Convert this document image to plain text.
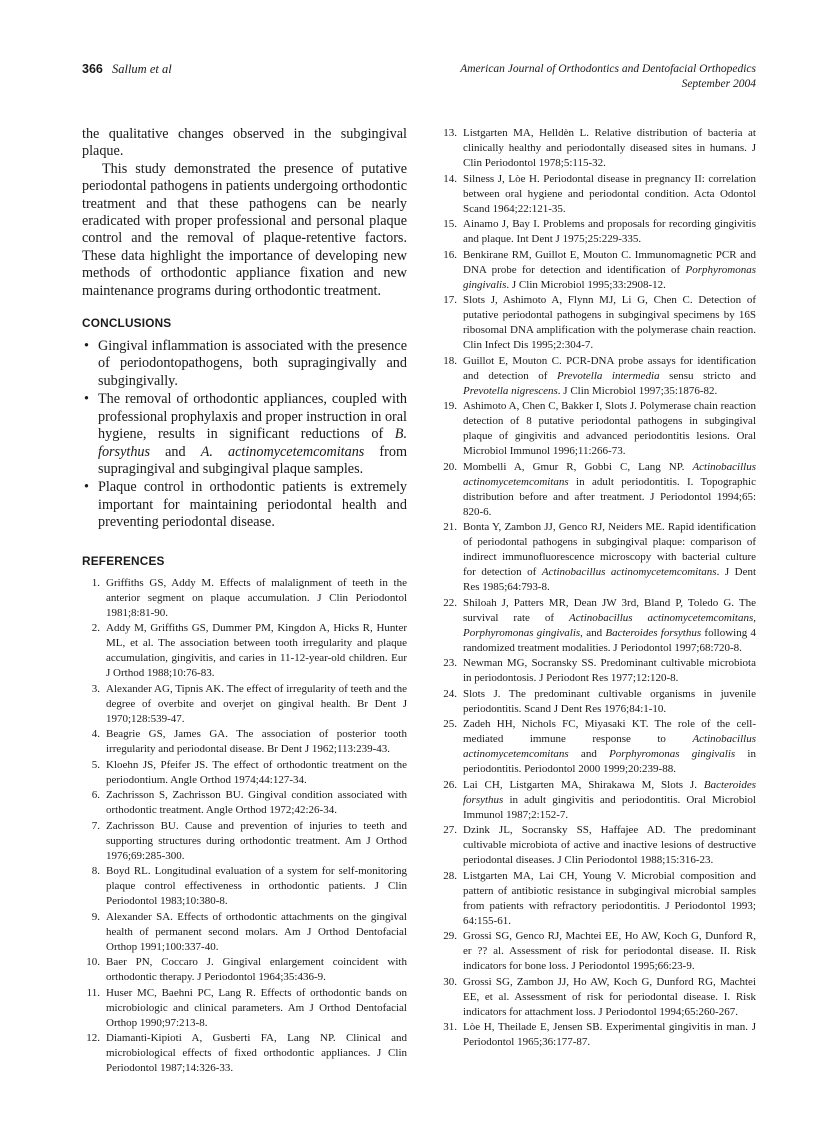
366 Sallum et al	American Journal of Orthodontics and Dentofacial Orthopedics
September 2004

the qualitative changes observed in the subgingival plaque.

This study demonstrated the presence of putative periodontal pathogens in patients undergoing orthodontic treatment and that these pathogens can be nearly eradicated with proper professional and personal plaque control and the removal of plaque-retentive factors. These data highlight the importance of developing new methods of orthodontic appliance fixation and new maintenance programs during orthodontic treatment.

CONCLUSIONS
• Gingival inflammation is associated with the presence of periodontopathogens, both supragingivally and subgingivally.
• The removal of orthodontic appliances, coupled with professional prophylaxis and proper instruction in oral hygiene, results in significant reductions of B. forsythus and A. actinomycetemcomitans from supragingival and subgingival plaque samples.
• Plaque control in orthodontic patients is extremely important for maintaining periodontal health and preventing periodontal disease.
REFERENCES
1. Griffiths GS, Addy M. Effects of malalignment of teeth in the anterior segment on plaque accumulation. J Clin Periodontol 1981;8:81-90.
2. Addy M, Griffiths GS, Dummer PM, Kingdon A, Hicks R, Hunter ML, et al. The association between tooth irregularity and plaque accumulation, gingivitis, and caries in 11-12-year-old children. Eur J Orthod 1988;10:76-83.
3. Alexander AG, Tipnis AK. The effect of irregularity of teeth and the degree of overbite and overjet on gingival health. Br Dent J 1970;128:539-47.
4. Beagrie GS, James GA. The association of posterior tooth irregularity and periodontal disease. Br Dent J 1962;113:239-43.
5. Kloehn JS, Pfeifer JS. The effect of orthodontic treatment on the periodontium. Angle Orthod 1974;44:127-34.
6. Zachrisson S, Zachrisson BU. Gingival condition associated with orthodontic treatment. Angle Orthod 1972;42:26-34.
7. Zachrisson BU. Cause and prevention of injuries to teeth and supporting structures during orthodontic treatment. Am J Orthod 1976;69:285-300.
8. Boyd RL. Longitudinal evaluation of a system for self-monitoring plaque control effectiveness in orthodontic patients. J Clin Periodontol 1983;10:380-8.
9. Alexander SA. Effects of orthodontic attachments on the gingival health of permanent second molars. Am J Orthod Dentofacial Orthop 1991;100:337-40.
10. Baer PN, Coccaro J. Gingival enlargement coincident with orthodontic therapy. J Periodontol 1964;35:436-9.
11. Huser MC, Baehni PC, Lang R. Effects of orthodontic bands on microbiologic and clinical parameters. Am J Orthod Dentofacial Orthop 1990;97:213-8.
12. Diamanti-Kipioti A, Gusberti FA, Lang NP. Clinical and microbiological effects of fixed orthodontic appliances. J Clin Periodontol 1987;14:326-33.
13. Listgarten MA, Helldèn L. Relative distribution of bacteria at clinically healthy and periodontally diseased sites in humans. J Clin Periodontol 1978;5:115-32.
14. Silness J, Lòe H. Periodontal disease in pregnancy II: correlation between oral hygiene and periodontal condition. Acta Odontol Scand 1964;22:121-35.
15. Ainamo J, Bay I. Problems and proposals for recording gingivitis and plaque. Int Dent J 1975;25:229-335.
16. Benkirane RM, Guillot E, Mouton C. Immunomagnetic PCR and DNA probe for detection and identification of Porphyromonas gingivalis. J Clin Microbiol 1995;33:2908-12.
17. Slots J, Ashimoto A, Flynn MJ, Li G, Chen C. Detection of putative periodontal pathogens in subgingival specimens by 16S ribosomal DNA amplification with the polymerase chain reaction. Clin Infect Dis 1995;2:304-7.
18. Guillot E, Mouton C. PCR-DNA probe assays for identification and detection of Prevotella intermedia sensu stricto and Prevotella nigrescens. J Clin Microbiol 1997;35:1876-82.
19. Ashimoto A, Chen C, Bakker I, Slots J. Polymerase chain reaction detection of 8 putative periodontal pathogens in subgingival plaque of gingivitis and advanced periodontitis lesions. Oral Microbiol Immunol 1996;11:266-73.
20. Mombelli A, Gmur R, Gobbi C, Lang NP. Actinobacillus actinomycetemcomitans in adult periodontitis. I. Topographic distribution before and after treatment. J Periodontol 1994;65: 820-6.
21. Bonta Y, Zambon JJ, Genco RJ, Neiders ME. Rapid identification of periodontal pathogens in subgingival plaque: comparison of indirect immunofluorescence microscopy with bacterial culture for detection of Actinobacillus actinomycetemcomitans. J Dent Res 1985;64:793-8.
22. Shiloah J, Patters MR, Dean JW 3rd, Bland P, Toledo G. The survival rate of Actinobacillus actinomycetemcomitans, Porphyromonas gingivalis, and Bacteroides forsythus following 4 randomized treatment modalities. J Periodontol 1997;68:720-8.
23. Newman MG, Socransky SS. Predominant cultivable microbiota in periodontosis. J Periodont Res 1977;12:120-8.
24. Slots J. The predominant cultivable organisms in juvenile periodontitis. Scand J Dent Res 1976;84:1-10.
25. Zadeh HH, Nichols FC, Miyasaki KT. The role of the cell-mediated immune response to Actinobacillus actinomycetemcomitans and Porphyromonas gingivalis in periodontitis. Periodontol 2000 1999;20:239-88.
26. Lai CH, Listgarten MA, Shirakawa M, Slots J. Bacteroides forsythus in adult gingivitis and periodontitis. Oral Microbiol Immunol 1987;2:152-7.
27. Dzink JL, Socransky SS, Haffajee AD. The predominant cultivable microbiota of active and inactive lesions of destructive periodontal diseases. J Clin Periodontol 1988;15:316-23.
28. Listgarten MA, Lai CH, Young V. Microbial composition and pattern of antibiotic resistance in subgingival microbial samples from patients with refractory periodontitis. J Periodontol 1993; 64:155-61.
29. Grossi SG, Genco RJ, Machtei EE, Ho AW, Koch G, Dunford R, er ?? al. Assessment of risk for periodontal disease. II. Risk indicators for bone loss. J Periodontol 1995;66:23-9.
30. Grossi SG, Zambon JJ, Ho AW, Koch G, Dunford RG, Machtei EE, et al. Assessment of risk for periodontal disease. I. Risk indicators for attachment loss. J Periodontol 1994;65:260-267.
31. Lòe H, Theilade E, Jensen SB. Experimental gingivitis in man. J Periodontol 1965;36:177-87.
